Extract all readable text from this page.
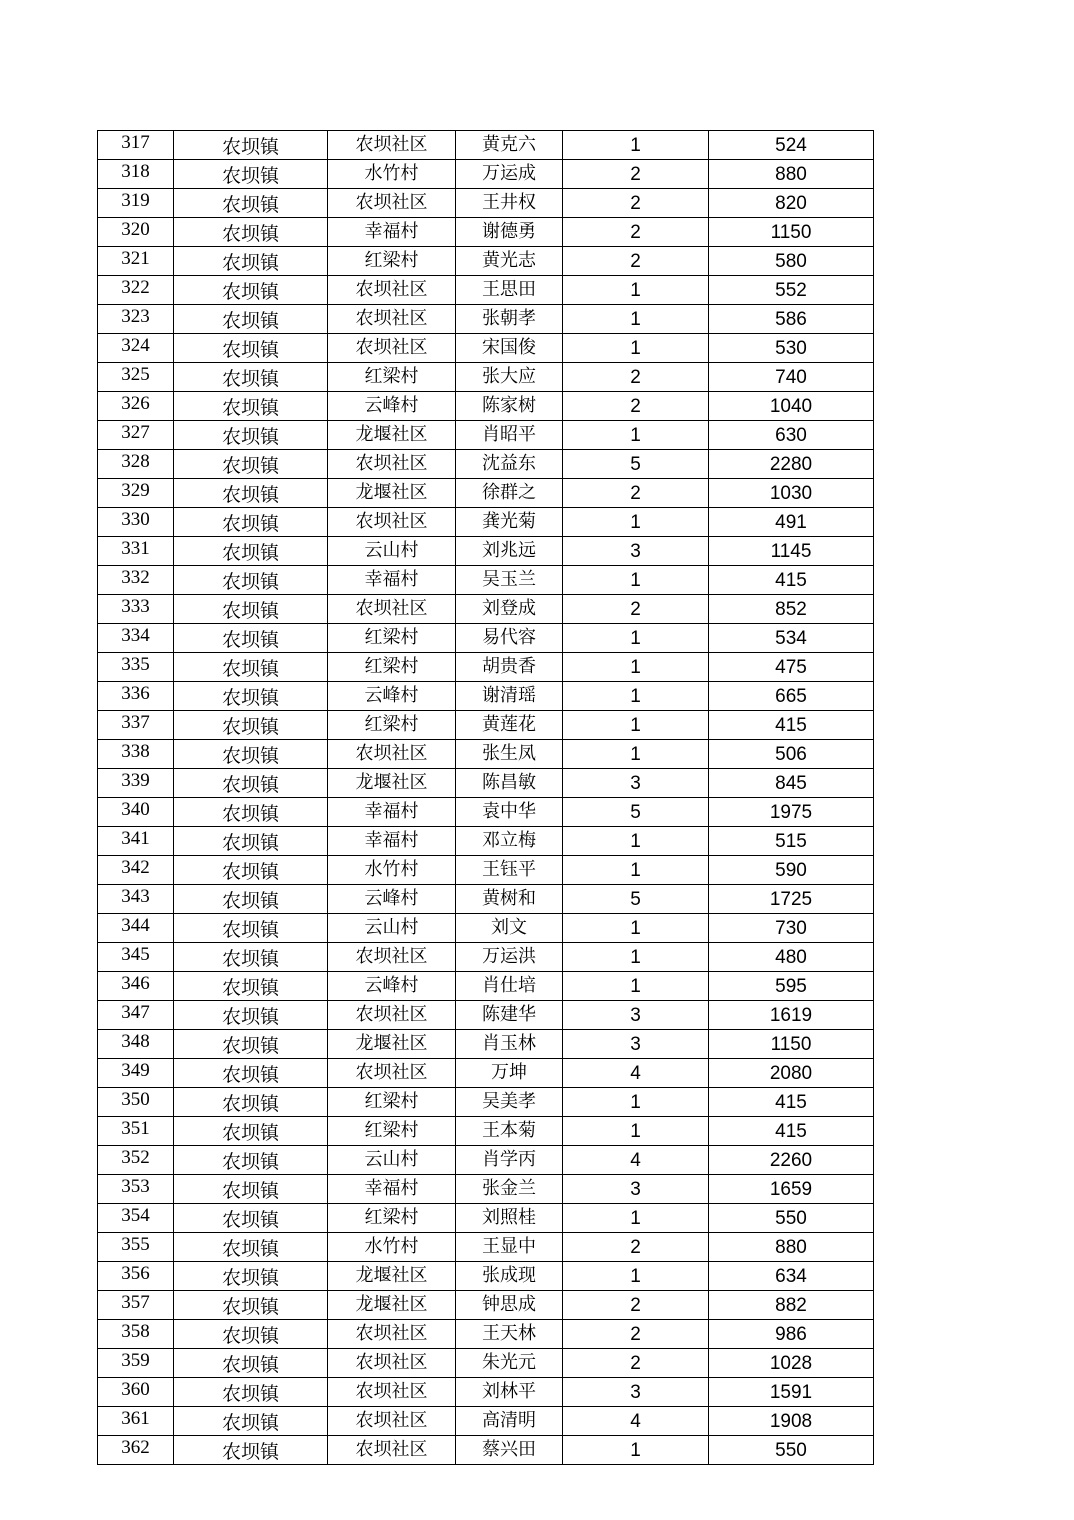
317	农坝镇	农坝社区	黄克六	1	524
318	农坝镇	水竹村	万运成	2	880
319	农坝镇	农坝社区	王井权	2	820
320	农坝镇	幸福村	谢德勇	2	1150
321	农坝镇	红梁村	黄光志	2	580
322	农坝镇	农坝社区	王思田	1	552
323	农坝镇	农坝社区	张朝孝	1	586
324	农坝镇	农坝社区	宋国俊	1	530
325	农坝镇	红梁村	张大应	2	740
326	农坝镇	云峰村	陈家树	2	1040
327	农坝镇	龙堰社区	肖昭平	1	630
328	农坝镇	农坝社区	沈益东	5	2280
329	农坝镇	龙堰社区	徐群之	2	1030
330	农坝镇	农坝社区	龚光菊	1	491
331	农坝镇	云山村	刘兆远	3	1145
332	农坝镇	幸福村	吴玉兰	1	415
333	农坝镇	农坝社区	刘登成	2	852
334	农坝镇	红梁村	易代容	1	534
335	农坝镇	红梁村	胡贵香	1	475
336	农坝镇	云峰村	谢清瑶	1	665
337	农坝镇	红梁村	黄莲花	1	415
338	农坝镇	农坝社区	张生凤	1	506
339	农坝镇	龙堰社区	陈昌敏	3	845
340	农坝镇	幸福村	袁中华	5	1975
341	农坝镇	幸福村	邓立梅	1	515
342	农坝镇	水竹村	王钰平	1	590
343	农坝镇	云峰村	黄树和	5	1725
344	农坝镇	云山村	刘文	1	730
345	农坝镇	农坝社区	万运洪	1	480
346	农坝镇	云峰村	肖仕培	1	595
347	农坝镇	农坝社区	陈建华	3	1619
348	农坝镇	龙堰社区	肖玉林	3	1150
349	农坝镇	农坝社区	万坤	4	2080
350	农坝镇	红梁村	吴美孝	1	415
351	农坝镇	红梁村	王本菊	1	415
352	农坝镇	云山村	肖学丙	4	2260
353	农坝镇	幸福村	张金兰	3	1659
354	农坝镇	红梁村	刘照桂	1	550
355	农坝镇	水竹村	王显中	2	880
356	农坝镇	龙堰社区	张成现	1	634
357	农坝镇	龙堰社区	钟思成	2	882
358	农坝镇	农坝社区	王天林	2	986
359	农坝镇	农坝社区	朱光元	2	1028
360	农坝镇	农坝社区	刘林平	3	1591
361	农坝镇	农坝社区	高清明	4	1908
362	农坝镇	农坝社区	蔡兴田	1	550
